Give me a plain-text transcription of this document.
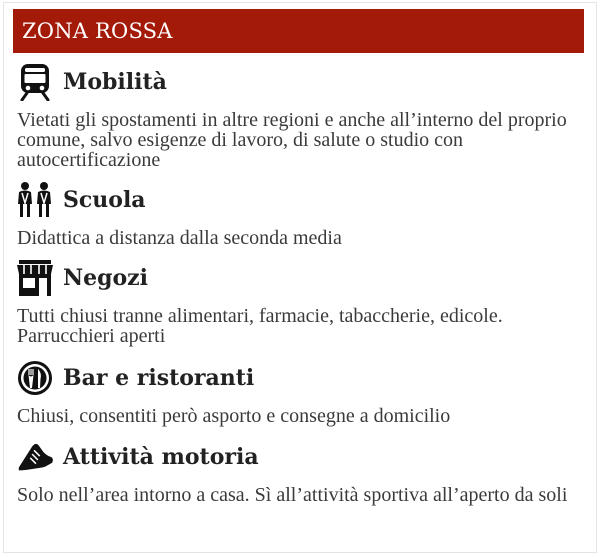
ZONA ROSSA
Mobilità
Vietati gli spostamenti in altre regioni e anche all’interno del proprio comune, salvo esigenze di lavoro, di salute o studio con autocertificazione
Scuola
Didattica a distanza dalla seconda media
Negozi
Tutti chiusi tranne alimentari, farmacie, tabaccherie, edicole. Parrucchieri aperti
Bar e ristoranti
Chiusi, consentiti però asporto e consegne a domicilio
Attività motoria
Solo nell’area intorno a casa. Sì all’attività sportiva all’aperto da soli
